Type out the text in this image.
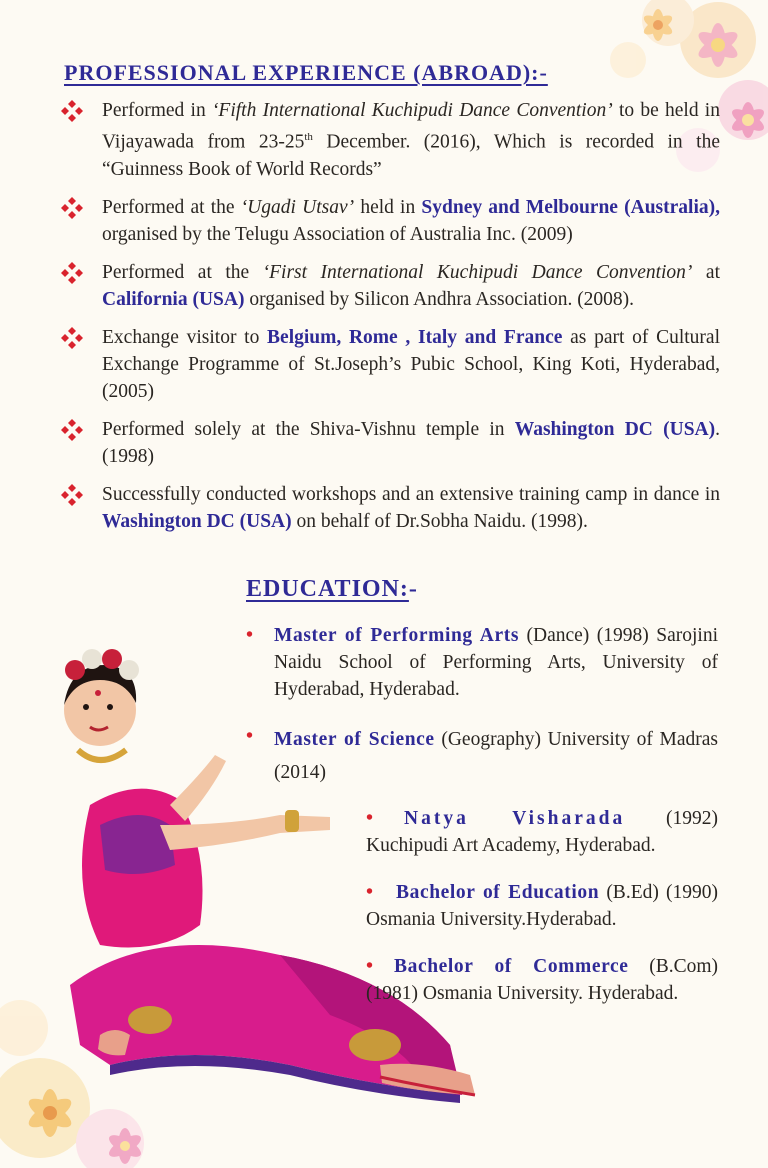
PROFESSIONAL EXPERIENCE (ABROAD):-
Performed in ‘Fifth International Kuchipudi Dance Convention’ to be held in Vijayawada from 23-25th December. (2016), Which is recorded in the “Guinness Book of World Records”
Performed at the ‘Ugadi Utsav’ held in Sydney and Melbourne (Australia), organised by the Telugu Association of Australia Inc. (2009)
Performed at the ‘First International Kuchipudi Dance Convention’ at California (USA) organised by Silicon Andhra Association. (2008).
Exchange visitor to Belgium, Rome , Italy and France as part of Cultural Exchange Programme of St.Joseph’s Pubic School, King Koti, Hyderabad, (2005)
Performed solely at the Shiva-Vishnu temple in Washington DC (USA). (1998)
Successfully conducted workshops and an extensive training camp in dance in Washington DC (USA) on behalf of Dr.Sobha Naidu. (1998).
EDUCATION:-
•	Master of Performing Arts (Dance) (1998) Sarojini Naidu School of Performing Arts, University of Hyderabad, Hyderabad.
•	Master of Science (Geography) University of Madras (2014)
•	Natya Visharada (1992) Kuchipudi Art Academy, Hyderabad.
•	Bachelor of Education (B.Ed) (1990) Osmania University.Hyderabad.
•	Bachelor of Commerce (B.Com) (1981) Osmania University. Hyderabad.
